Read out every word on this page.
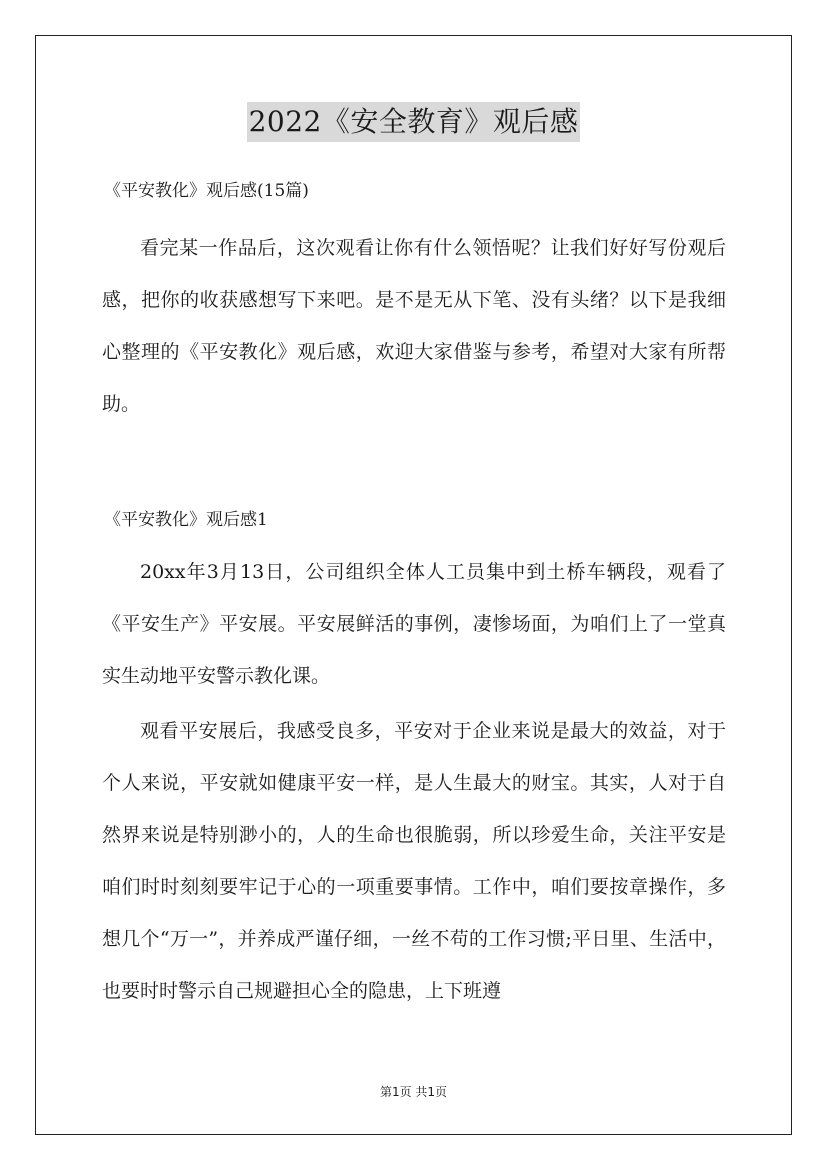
2022《安全教育》观后感
《平安教化》观后感(15篇)

看完某一作品后，这次观看让你有什么领悟呢？让我们好好写份观后感，把你的收获感想写下来吧。是不是无从下笔、没有头绪？以下是我细心整理的《平安教化》观后感，欢迎大家借鉴与参考，希望对大家有所帮助。

《平安教化》观后感1

20xx年3月13日，公司组织全体人工员集中到土桥车辆段，观看了《平安生产》平安展。平安展鲜活的事例，凄惨场面，为咱们上了一堂真实生动地平安警示教化课。

观看平安展后，我感受良多，平安对于企业来说是最大的效益，对于个人来说，平安就如健康平安一样，是人生最大的财宝。其实，人对于自然界来说是特别渺小的，人的生命也很脆弱，所以珍爱生命，关注平安是咱们时时刻刻要牢记于心的一项重要事情。工作中，咱们要按章操作，多想几个“万一”，并养成严谨仔细，一丝不苟的工作习惯;平日里、生活中，也要时时警示自己规避担心全的隐患，上下班遵

第1页 共1页
